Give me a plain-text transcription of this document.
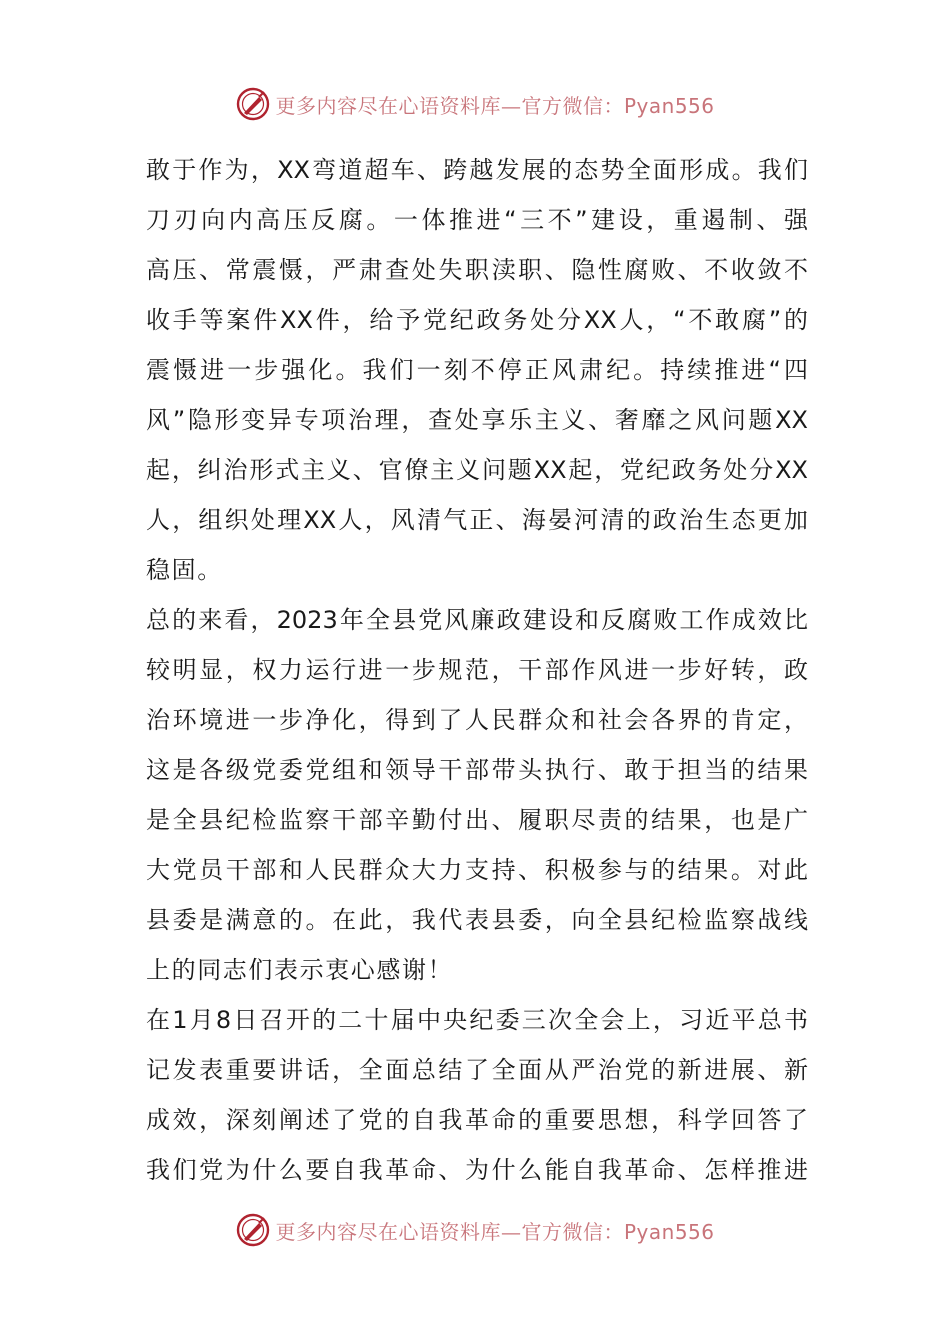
更多内容尽在心语资料库—官方微信：Pyan556
敢于作为，XX弯道超车、跨越发展的态势全面形成。我们
刀刃向内高压反腐。一体推进“三不”建设，重遏制、强
高压、常震慑，严肃查处失职渎职、隐性腐败、不收敛不
收手等案件XX件，给予党纪政务处分XX人，“不敢腐”的
震慑进一步强化。我们一刻不停正风肃纪。持续推进“四
风”隐形变异专项治理，查处享乐主义、奢靡之风问题XX
起，纠治形式主义、官僚主义问题XX起，党纪政务处分XX
人，组织处理XX人，风清气正、海晏河清的政治生态更加
稳固。
总的来看，2023年全县党风廉政建设和反腐败工作成效比
较明显，权力运行进一步规范，干部作风进一步好转，政
治环境进一步净化，得到了人民群众和社会各界的肯定，
这是各级党委党组和领导干部带头执行、敢于担当的结果
是全县纪检监察干部辛勤付出、履职尽责的结果，也是广
大党员干部和人民群众大力支持、积极参与的结果。对此
县委是满意的。在此，我代表县委，向全县纪检监察战线
上的同志们表示衷心感谢！
在1月8日召开的二十届中央纪委三次全会上，习近平总书
记发表重要讲话，全面总结了全面从严治党的新进展、新
成效，深刻阐述了党的自我革命的重要思想，科学回答了
我们党为什么要自我革命、为什么能自我革命、怎样推进
更多内容尽在心语资料库—官方微信：Pyan556
